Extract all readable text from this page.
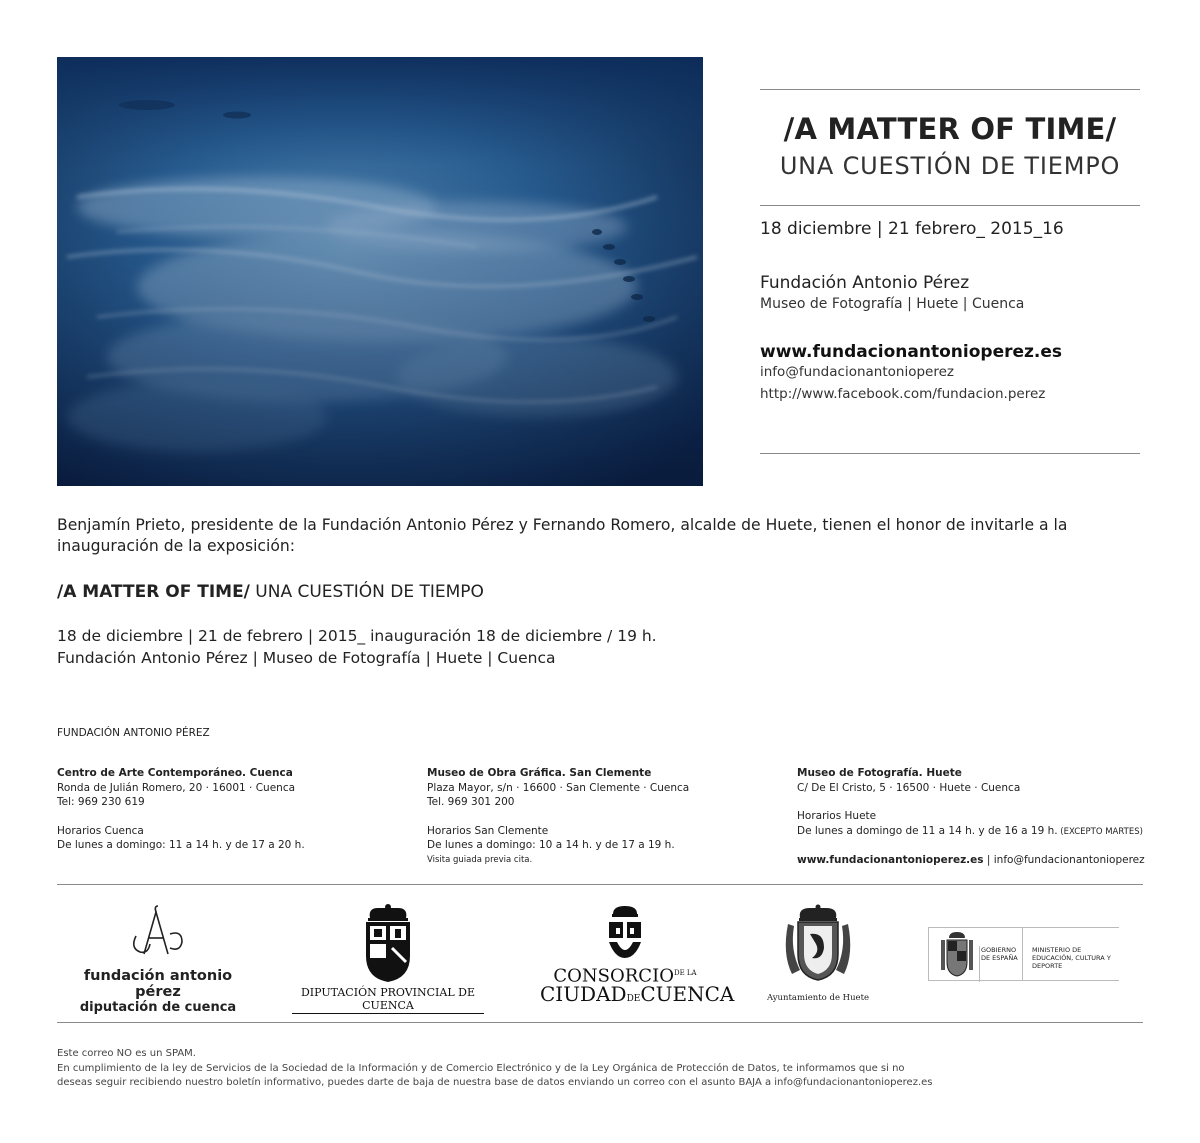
/A MATTER OF TIME/
UNA CUESTIÓN DE TIEMPO
18 diciembre | 21 febrero_ 2015_16
Fundación Antonio Pérez
Museo de Fotografía | Huete | Cuenca
www.fundacionantonioperez.es
info@fundacionantonioperez
http://www.facebook.com/fundacion.perez
Benjamín Prieto, presidente de la Fundación Antonio Pérez y Fernando Romero, alcalde de Huete, tienen el honor de invitarle a la inauguración de la exposición:
/A MATTER OF TIME/ UNA CUESTIÓN DE TIEMPO
18 de diciembre | 21 de febrero | 2015_ inauguración 18 de diciembre / 19 h.
Fundación Antonio Pérez | Museo de Fotografía | Huete | Cuenca
FUNDACIÓN ANTONIO PÉREZ
Centro de Arte Contemporáneo. Cuenca
Ronda de Julián Romero, 20 · 16001 · Cuenca
Tel: 969 230 619
Horarios Cuenca
De lunes a domingo: 11 a 14 h. y de 17 a 20 h.
Museo de Obra Gráfica. San Clemente
Plaza Mayor, s/n · 16600 · San Clemente · Cuenca
Tel. 969 301 200
Horarios San Clemente
De lunes a domingo: 10 a 14 h. y de 17 a 19 h.
Visita guiada previa cita.
Museo de Fotografía. Huete
C/ De El Cristo, 5 · 16500 · Huete · Cuenca
Horarios Huete
De lunes a domingo de 11 a 14 h. y de 16 a 19 h. (EXCEPTO MARTES)
www.fundacionantonioperez.es | info@fundacionantonioperez
fundación antonio pérez
diputación de cuenca
DIPUTACIÓN PROVINCIAL DE CUENCA
$CONSORCIO^{DE LA}$
CIUDADDECUENCA	Ayuntamiento de Huete
GOBIERNO DE ESPAÑA
MINISTERIO DE EDUCACIÓN, CULTURA Y DEPORTE
Este correo NO es un SPAM.
En cumplimiento de la ley de Servicios de la Sociedad de la Información y de Comercio Electrónico y de la Ley Orgánica de Protección de Datos, te informamos que si no
deseas seguir recibiendo nuestro boletín informativo, puedes darte de baja de nuestra base de datos enviando un correo con el asunto BAJA a info@fundacionantonioperez.es
